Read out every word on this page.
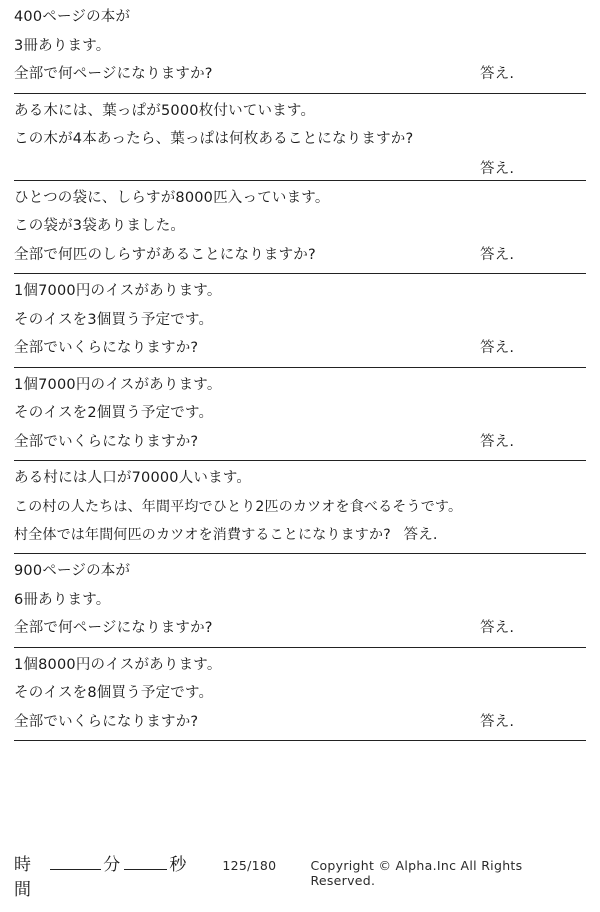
400ページの本が
3冊あります。
全部で何ページになりますか?	答え.
ある木には、葉っぱが5000枚付いています。
この木が4本あったら、葉っぱは何枚あることになりますか?
答え.
ひとつの袋に、しらすが8000匹入っています。
この袋が3袋ありました。
全部で何匹のしらすがあることになりますか?	答え.
1個7000円のイスがあります。
そのイスを3個買う予定です。
全部でいくらになりますか?	答え.
1個7000円のイスがあります。
そのイスを2個買う予定です。
全部でいくらになりますか?	答え.
ある村には人口が70000人います。
この村の人たちは、年間平均でひとり2匹のカツオを食べるそうです。
村全体では年間何匹のカツオを消費することになりますか? 答え.
900ページの本が
6冊あります。
全部で何ページになりますか?	答え.
1個8000円のイスがあります。
そのイスを8個買う予定です。
全部でいくらになりますか?	答え.
時間
分	秒	125/180	Copyright © Alpha.Inc All Rights Reserved.
